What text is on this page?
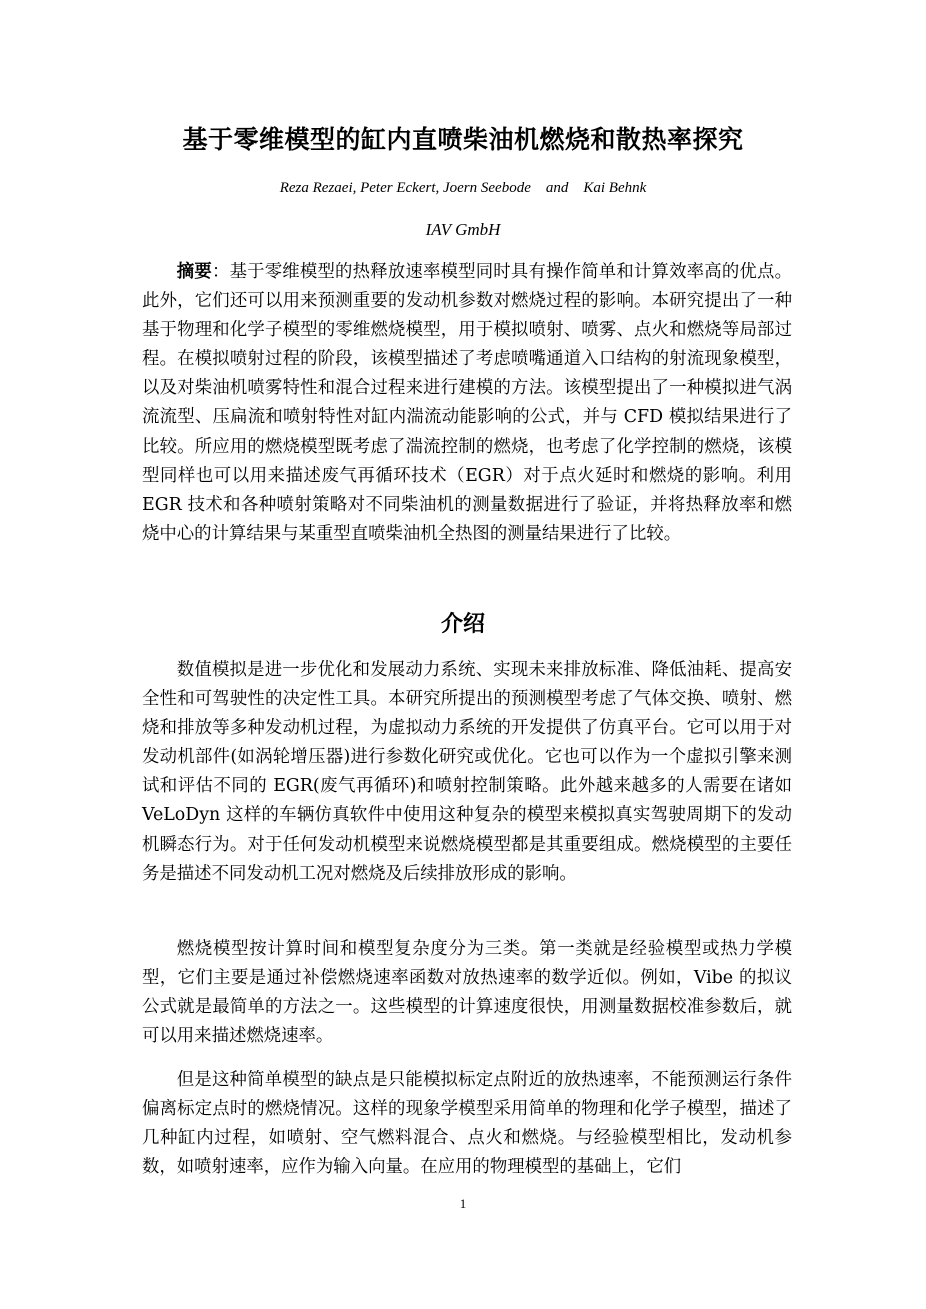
基于零维模型的缸内直喷柴油机燃烧和散热率探究
Reza Rezaei, Peter Eckert, Joern Seebode    and    Kai Behnk
IAV GmbH

摘要：基于零维模型的热释放速率模型同时具有操作简单和计算效率高的优点。此外，它们还可以用来预测重要的发动机参数对燃烧过程的影响。本研究提出了一种基于物理和化学子模型的零维燃烧模型，用于模拟喷射、喷雾、点火和燃烧等局部过程。在模拟喷射过程的阶段，该模型描述了考虑喷嘴通道入口结构的射流现象模型，以及对柴油机喷雾特性和混合过程来进行建模的方法。该模型提出了一种模拟进气涡流流型、压扁流和喷射特性对缸内湍流动能影响的公式，并与 CFD 模拟结果进行了比较。所应用的燃烧模型既考虑了湍流控制的燃烧，也考虑了化学控制的燃烧，该模型同样也可以用来描述废气再循环技术（EGR）对于点火延时和燃烧的影响。利用 EGR 技术和各种喷射策略对不同柴油机的测量数据进行了验证，并将热释放率和燃烧中心的计算结果与某重型直喷柴油机全热图的测量结果进行了比较。

介绍

数值模拟是进一步优化和发展动力系统、实现未来排放标准、降低油耗、提高安全性和可驾驶性的决定性工具。本研究所提出的预测模型考虑了气体交换、喷射、燃烧和排放等多种发动机过程，为虚拟动力系统的开发提供了仿真平台。它可以用于对发动机部件(如涡轮增压器)进行参数化研究或优化。它也可以作为一个虚拟引擎来测试和评估不同的 EGR(废气再循环)和喷射控制策略。此外越来越多的人需要在诸如 VeLoDyn 这样的车辆仿真软件中使用这种复杂的模型来模拟真实驾驶周期下的发动机瞬态行为。对于任何发动机模型来说燃烧模型都是其重要组成。燃烧模型的主要任务是描述不同发动机工况对燃烧及后续排放形成的影响。

燃烧模型按计算时间和模型复杂度分为三类。第一类就是经验模型或热力学模型，它们主要是通过补偿燃烧速率函数对放热速率的数学近似。例如，Vibe 的拟议公式就是最简单的方法之一。这些模型的计算速度很快，用测量数据校准参数后，就可以用来描述燃烧速率。

但是这种简单模型的缺点是只能模拟标定点附近的放热速率，不能预测运行条件偏离标定点时的燃烧情况。这样的现象学模型采用简单的物理和化学子模型，描述了几种缸内过程，如喷射、空气燃料混合、点火和燃烧。与经验模型相比，发动机参数，如喷射速率，应作为输入向量。在应用的物理模型的基础上，它们

1
